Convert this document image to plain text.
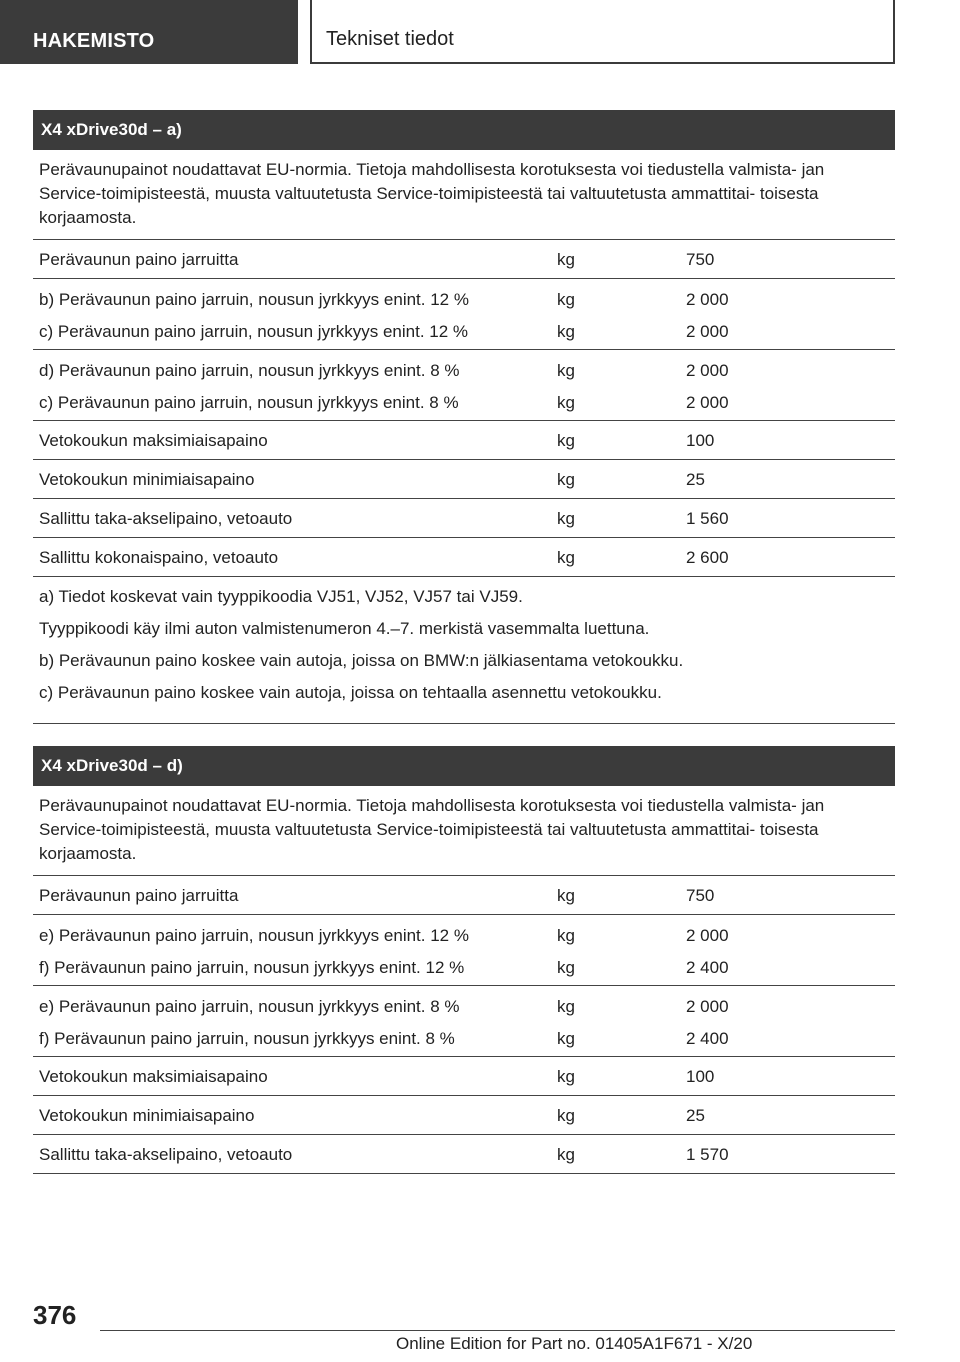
HAKEMISTO	Tekniset tiedot
X4 xDrive30d – a)
Perävaunupainot noudattavat EU-normia. Tietoja mahdollisesta korotuksesta voi tiedustella valmista- jan Service-toimipisteestä, muusta valtuutetusta Service-toimipisteestä tai valtuutetusta ammattitai- toisesta korjaamosta.
Perävaunun paino jarruitta	kg	750
b) Perävaunun paino jarruin, nousun jyrkkyys enint. 12 %	kg	2 000
c) Perävaunun paino jarruin, nousun jyrkkyys enint. 12 %	kg	2 000
d) Perävaunun paino jarruin, nousun jyrkkyys enint. 8 %	kg	2 000
c) Perävaunun paino jarruin, nousun jyrkkyys enint. 8 %	kg	2 000
Vetokoukun maksimiaisapaino	kg	100
Vetokoukun minimiaisapaino	kg	25
Sallittu taka-akselipaino, vetoauto	kg	1 560
Sallittu kokonaispaino, vetoauto	kg	2 600
a) Tiedot koskevat vain tyyppikoodia VJ51, VJ52, VJ57 tai VJ59.
Tyyppikoodi käy ilmi auton valmistenumeron 4.–7. merkistä vasemmalta luettuna.
b) Perävaunun paino koskee vain autoja, joissa on BMW:n jälkiasentama vetokoukku.
c) Perävaunun paino koskee vain autoja, joissa on tehtaalla asennettu vetokoukku.
X4 xDrive30d – d)
Perävaunupainot noudattavat EU-normia. Tietoja mahdollisesta korotuksesta voi tiedustella valmista- jan Service-toimipisteestä, muusta valtuutetusta Service-toimipisteestä tai valtuutetusta ammattitai- toisesta korjaamosta.
Perävaunun paino jarruitta	kg	750
e) Perävaunun paino jarruin, nousun jyrkkyys enint. 12 %	kg	2 000
f) Perävaunun paino jarruin, nousun jyrkkyys enint. 12 %	kg	2 400
e) Perävaunun paino jarruin, nousun jyrkkyys enint. 8 %	kg	2 000
f) Perävaunun paino jarruin, nousun jyrkkyys enint. 8 %	kg	2 400
Vetokoukun maksimiaisapaino	kg	100
Vetokoukun minimiaisapaino	kg	25
Sallittu taka-akselipaino, vetoauto	kg	1 570
376
Online Edition for Part no. 01405A1F671 - X/20
